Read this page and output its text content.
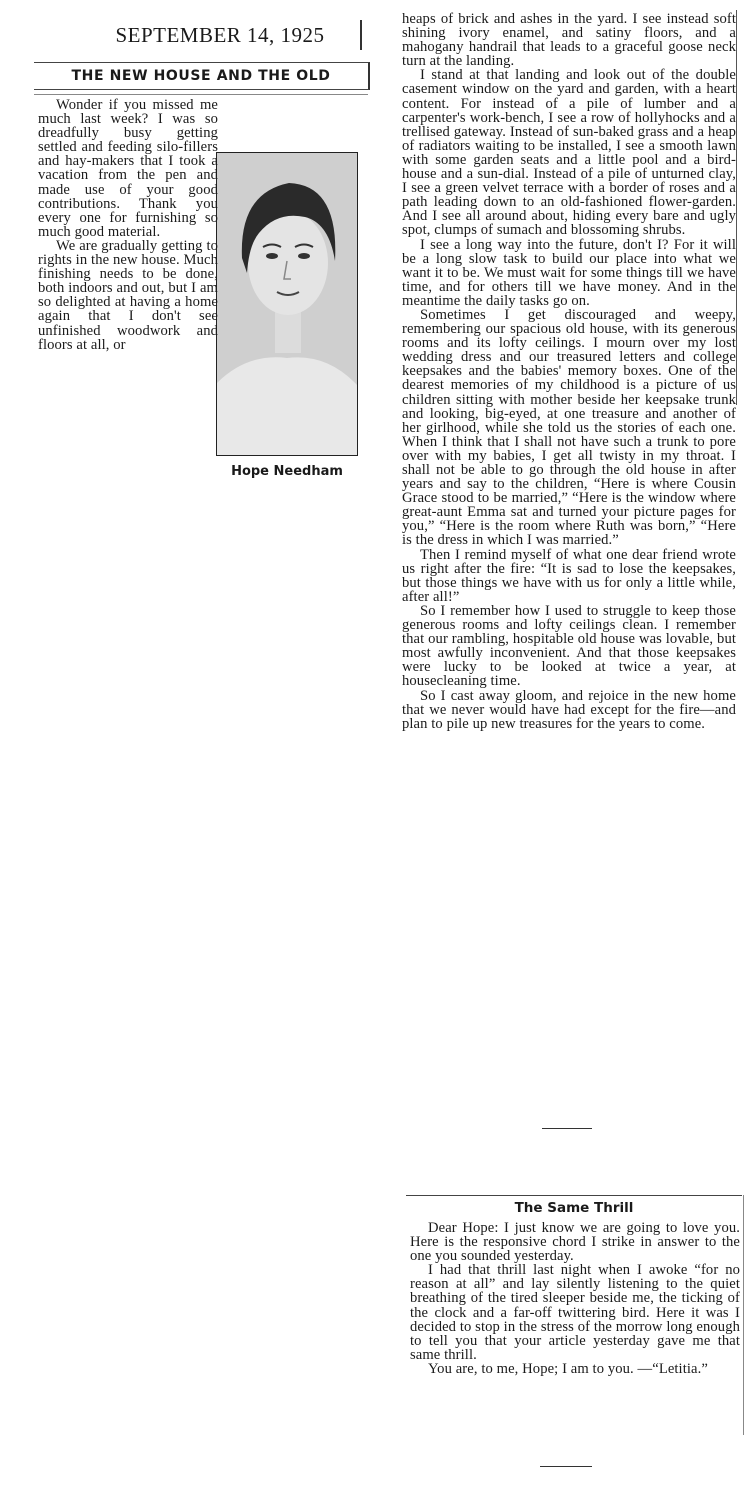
SEPTEMBER 14, 1925
THE NEW HOUSE AND THE OLD
Hope Needham

Wonder if you missed me much last week? I was so dreadfully busy getting settled and feeding silo-fillers and hay-makers that I took a vacation from the pen and made use of your good contributions. Thank you every one for furnishing so much good material.

We are gradually getting to rights in the new house. Much finishing needs to be done, both indoors and out, but I am so delighted at having a home again that I don't see unfinished woodwork and floors at all, or

heaps of brick and ashes in the yard. I see instead soft shining ivory enamel, and satiny floors, and a mahogany handrail that leads to a graceful goose neck turn at the landing.

I stand at that landing and look out of the double casement window on the yard and garden, with a heart content. For instead of a pile of lumber and a carpenter's work-bench, I see a row of hollyhocks and a trellised gateway. Instead of sun-baked grass and a heap of radiators waiting to be installed, I see a smooth lawn with some garden seats and a little pool and a bird-house and a sun-dial. Instead of a pile of unturned clay, I see a green velvet terrace with a border of roses and a path leading down to an old-fashioned flower-garden. And I see all around about, hiding every bare and ugly spot, clumps of sumach and blossoming shrubs.

I see a long way into the future, don't I? For it will be a long slow task to build our place into what we want it to be. We must wait for some things till we have time, and for others till we have money. And in the meantime the daily tasks go on.

Sometimes I get discouraged and weepy, remembering our spacious old house, with its generous rooms and its lofty ceilings. I mourn over my lost wedding dress and our treasured letters and college keepsakes and the babies' memory boxes. One of the dearest memories of my childhood is a picture of us children sitting with mother beside her keepsake trunk and looking, big-eyed, at one treasure and another of her girlhood, while she told us the stories of each one. When I think that I shall not have such a trunk to pore over with my babies, I get all twisty in my throat. I shall not be able to go through the old house in after years and say to the children, “Here is where Cousin Grace stood to be married,” “Here is the window where great-aunt Emma sat and turned your picture pages for you,” “Here is the room where Ruth was born,” “Here is the dress in which I was married.”

Then I remind myself of what one dear friend wrote us right after the fire: “It is sad to lose the keepsakes, but those things we have with us for only a little while, after all!”

So I remember how I used to struggle to keep those generous rooms and lofty ceilings clean. I remember that our rambling, hospitable old house was lovable, but most awfully inconvenient. And that those keepsakes were lucky to be looked at twice a year, at housecleaning time.

So I cast away gloom, and rejoice in the new home that we never would have had except for the fire—and plan to pile up new treasures for the years to come.

The Same Thrill

Dear Hope: I just know we are going to love you. Here is the responsive chord I strike in answer to the one you sounded yesterday.

I had that thrill last night when I awoke “for no reason at all” and lay silently listening to the quiet breathing of the tired sleeper beside me, the ticking of the clock and a far-off twittering bird. Here it was I decided to stop in the stress of the morrow long enough to tell you that your article yesterday gave me that same thrill.

You are, to me, Hope; I am to you. —“Letitia.”
